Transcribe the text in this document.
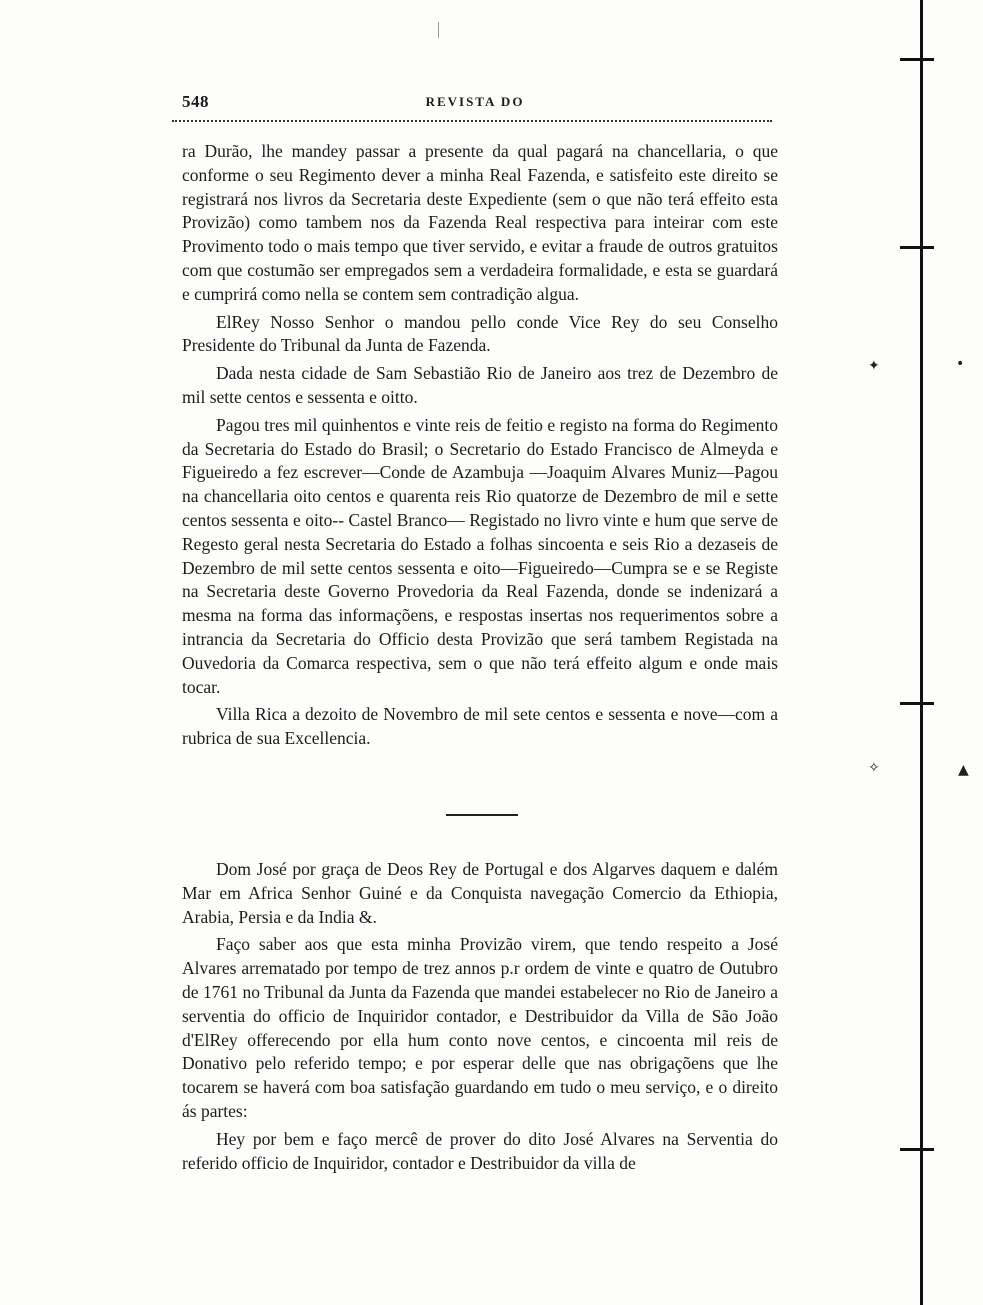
548	REVISTA DO

ra Durão, lhe mandey passar a presente da qual pagará na chancellaria, o que conforme o seu Regimento dever a minha Real Fazenda, e satisfeito este direito se registrará nos livros da Secretaria deste Expediente (sem o que não terá effeito esta Provizão) como tambem nos da Fazenda Real respectiva para inteirar com este Provimento todo o mais tempo que tiver servido, e evitar a fraude de outros gratuitos com que costumão ser empregados sem a verdadeira formalidade, e esta se guardará e cumprirá como nella se contem sem contradição algua.

ElRey Nosso Senhor o mandou pello conde Vice Rey do seu Conselho Presidente do Tribunal da Junta de Fazenda.

Dada nesta cidade de Sam Sebastião Rio de Janeiro aos trez de Dezembro de mil sette centos e sessenta e oitto.

Pagou tres mil quinhentos e vinte reis de feitio e registo na forma do Regimento da Secretaria do Estado do Brasil; o Secretario do Estado Francisco de Almeyda e Figueiredo a fez escrever—Conde de Azambuja —Joaquim Alvares Muniz—Pagou na chancellaria oito centos e quarenta reis Rio quatorze de Dezembro de mil e sette centos sessenta e oito-- Castel Branco— Registado no livro vinte e hum que serve de Regesto geral nesta Secretaria do Estado a folhas sincoenta e seis Rio a dezaseis de Dezembro de mil sette centos sessenta e oito—Figueiredo—Cumpra se e se Registe na Secretaria deste Governo Provedoria da Real Fazenda, donde se indenizará a mesma na forma das informaçõens, e respostas insertas nos requerimentos sobre a intrancia da Secretaria do Officio desta Provizão que será tambem Registada na Ouvedoria da Comarca respectiva, sem o que não terá effeito algum e onde mais tocar.

Villa Rica a dezoito de Novembro de mil sete centos e sessenta e nove—com a rubrica de sua Excellencia.

Dom José por graça de Deos Rey de Portugal e dos Algarves daquem e dalém Mar em Africa Senhor Guiné e da Conquista navegação Comercio da Ethiopia, Arabia, Persia e da India &.

Faço saber aos que esta minha Provizão virem, que tendo respeito a José Alvares arrematado por tempo de trez annos p.r ordem de vinte e quatro de Outubro de 1761 no Tribunal da Junta da Fazenda que mandei estabelecer no Rio de Janeiro a serventia do officio de Inquiridor contador, e Destribuidor da Villa de São João d'ElRey offerecendo por ella hum conto nove centos, e cincoenta mil reis de Donativo pelo referido tempo; e por esperar delle que nas obrigaçõens que lhe tocarem se haverá com boa satisfação guardando em tudo o meu serviço, e o direito ás partes:

Hey por bem e faço mercê de prover do dito José Alvares na Serventia do referido officio de Inquiridor, contador e Destribuidor da villa de

✦	•
✧	▲
